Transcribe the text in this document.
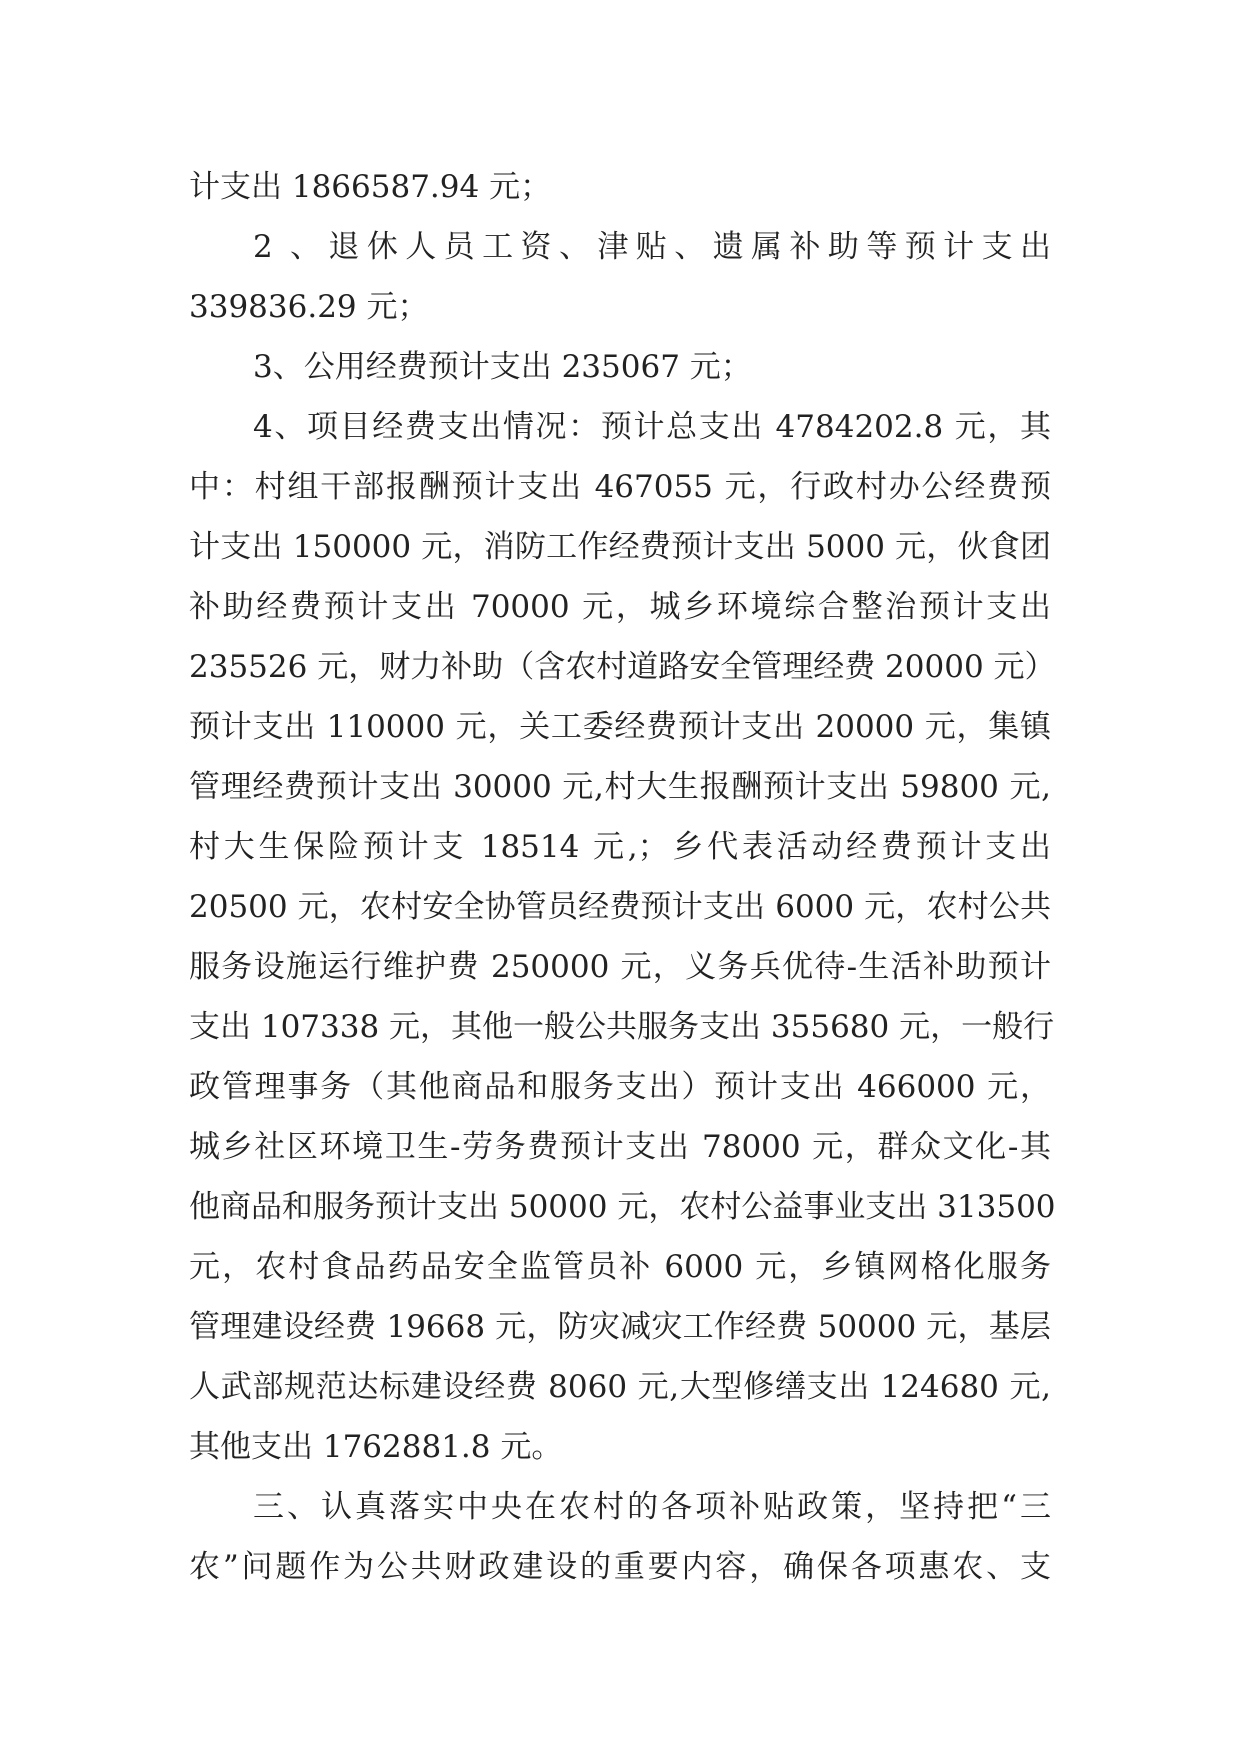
计支出 1866587.94 元；
2 、退休人员工资、津贴、遗属补助等预计支出
339836.29 元；
3、公用经费预计支出 235067 元；
4、项目经费支出情况：预计总支出 4784202.8 元，其
中：村组干部报酬预计支出 467055 元，行政村办公经费预
计支出 150000 元，消防工作经费预计支出 5000 元，伙食团
补助经费预计支出 70000 元，城乡环境综合整治预计支出
235526 元，财力补助（含农村道路安全管理经费 20000 元）
预计支出 110000 元，关工委经费预计支出 20000 元，集镇
管理经费预计支出 30000 元,村大生报酬预计支出 59800 元,
村大生保险预计支 18514 元,；乡代表活动经费预计支出
20500 元，农村安全协管员经费预计支出 6000 元，农村公共
服务设施运行维护费 250000 元，义务兵优待-生活补助预计
支出 107338 元，其他一般公共服务支出 355680 元，一般行
政管理事务（其他商品和服务支出）预计支出 466000 元，
城乡社区环境卫生-劳务费预计支出 78000 元，群众文化-其
他商品和服务预计支出 50000 元，农村公益事业支出 313500
元，农村食品药品安全监管员补 6000 元，乡镇网格化服务
管理建设经费 19668 元，防灾减灾工作经费 50000 元，基层
人武部规范达标建设经费 8060 元,大型修缮支出 124680 元,
其他支出 1762881.8 元。
三、认真落实中央在农村的各项补贴政策，坚持把“三
农”问题作为公共财政建设的重要内容，确保各项惠农、支
